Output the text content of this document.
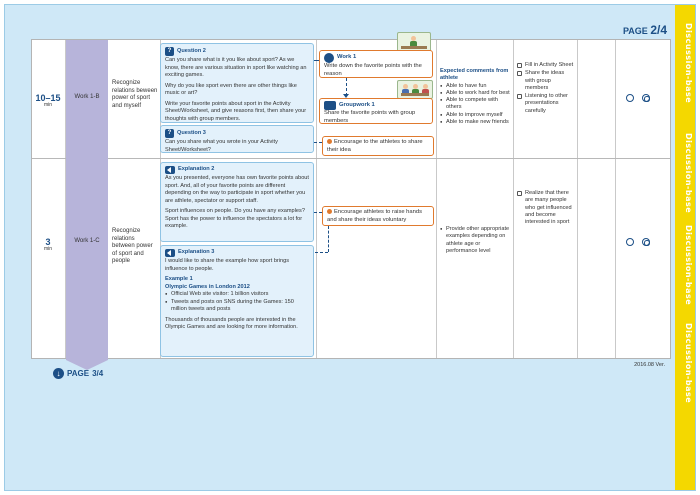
Discussion-base
Discussion-base
Discussion-base
Discussion-base
PAGE 2/4
10–15
min
Work 1-B
Recognize relations beween power of sport and myself
?	Question 2

Can you share what is it you like about sport? As we know, there are various situation in sport like watching an exciting games.

Why do you like sport even there are other things like music or art?

Write your favorite points about sport in the Activity Sheet/Worksheet, and give reasons first, then share your thoughts with group members.

?	Question 3

Can you share what you wrote in your Activity Sheet/Worksheet?

Work 1
Write down the favorite points with the reason
Groupwork 1
Share the favorite points with group members
Encourage to the athletes to share their idea
Expected comments from athlete
● Able to have fun
● Able to work hard for best
● Able to compete with others
● Able to improve myself
● Able to make new friends
Fill in Activity Sheet
Share the ideas with group members
Listening to other presentations carefully
3
min
Work 1-C
Recognize relations between power of sport and people
Explanation 2

As you presented, everyone has own favorite points about sport. And, all of your favorite points are different depending on the way to participate in sport whether you are athlete, spectator or support staff.

Sport influences on people. Do you have any examples?

Sport has the power to influence the spectators a lot for example.

Explanation 3

I would like to share the example how sport brings influence to people.

Example 1
Olympic Games in London 2012
● Official Web site visitor: 1 billion visitors
● Tweets and posts on SNS during the Games: 150 million tweets and posts

Thousands of thousands people are interested in the Olympic Games and are looking for more information.

Encourage athletes to raise hands and share their ideas voluntary
● Provide other appropriate examples depending on athlete age or performance level
Realize that there are many people who get influenced and become interested in sport
2016.08 Ver.
↓ PAGE 3/4
